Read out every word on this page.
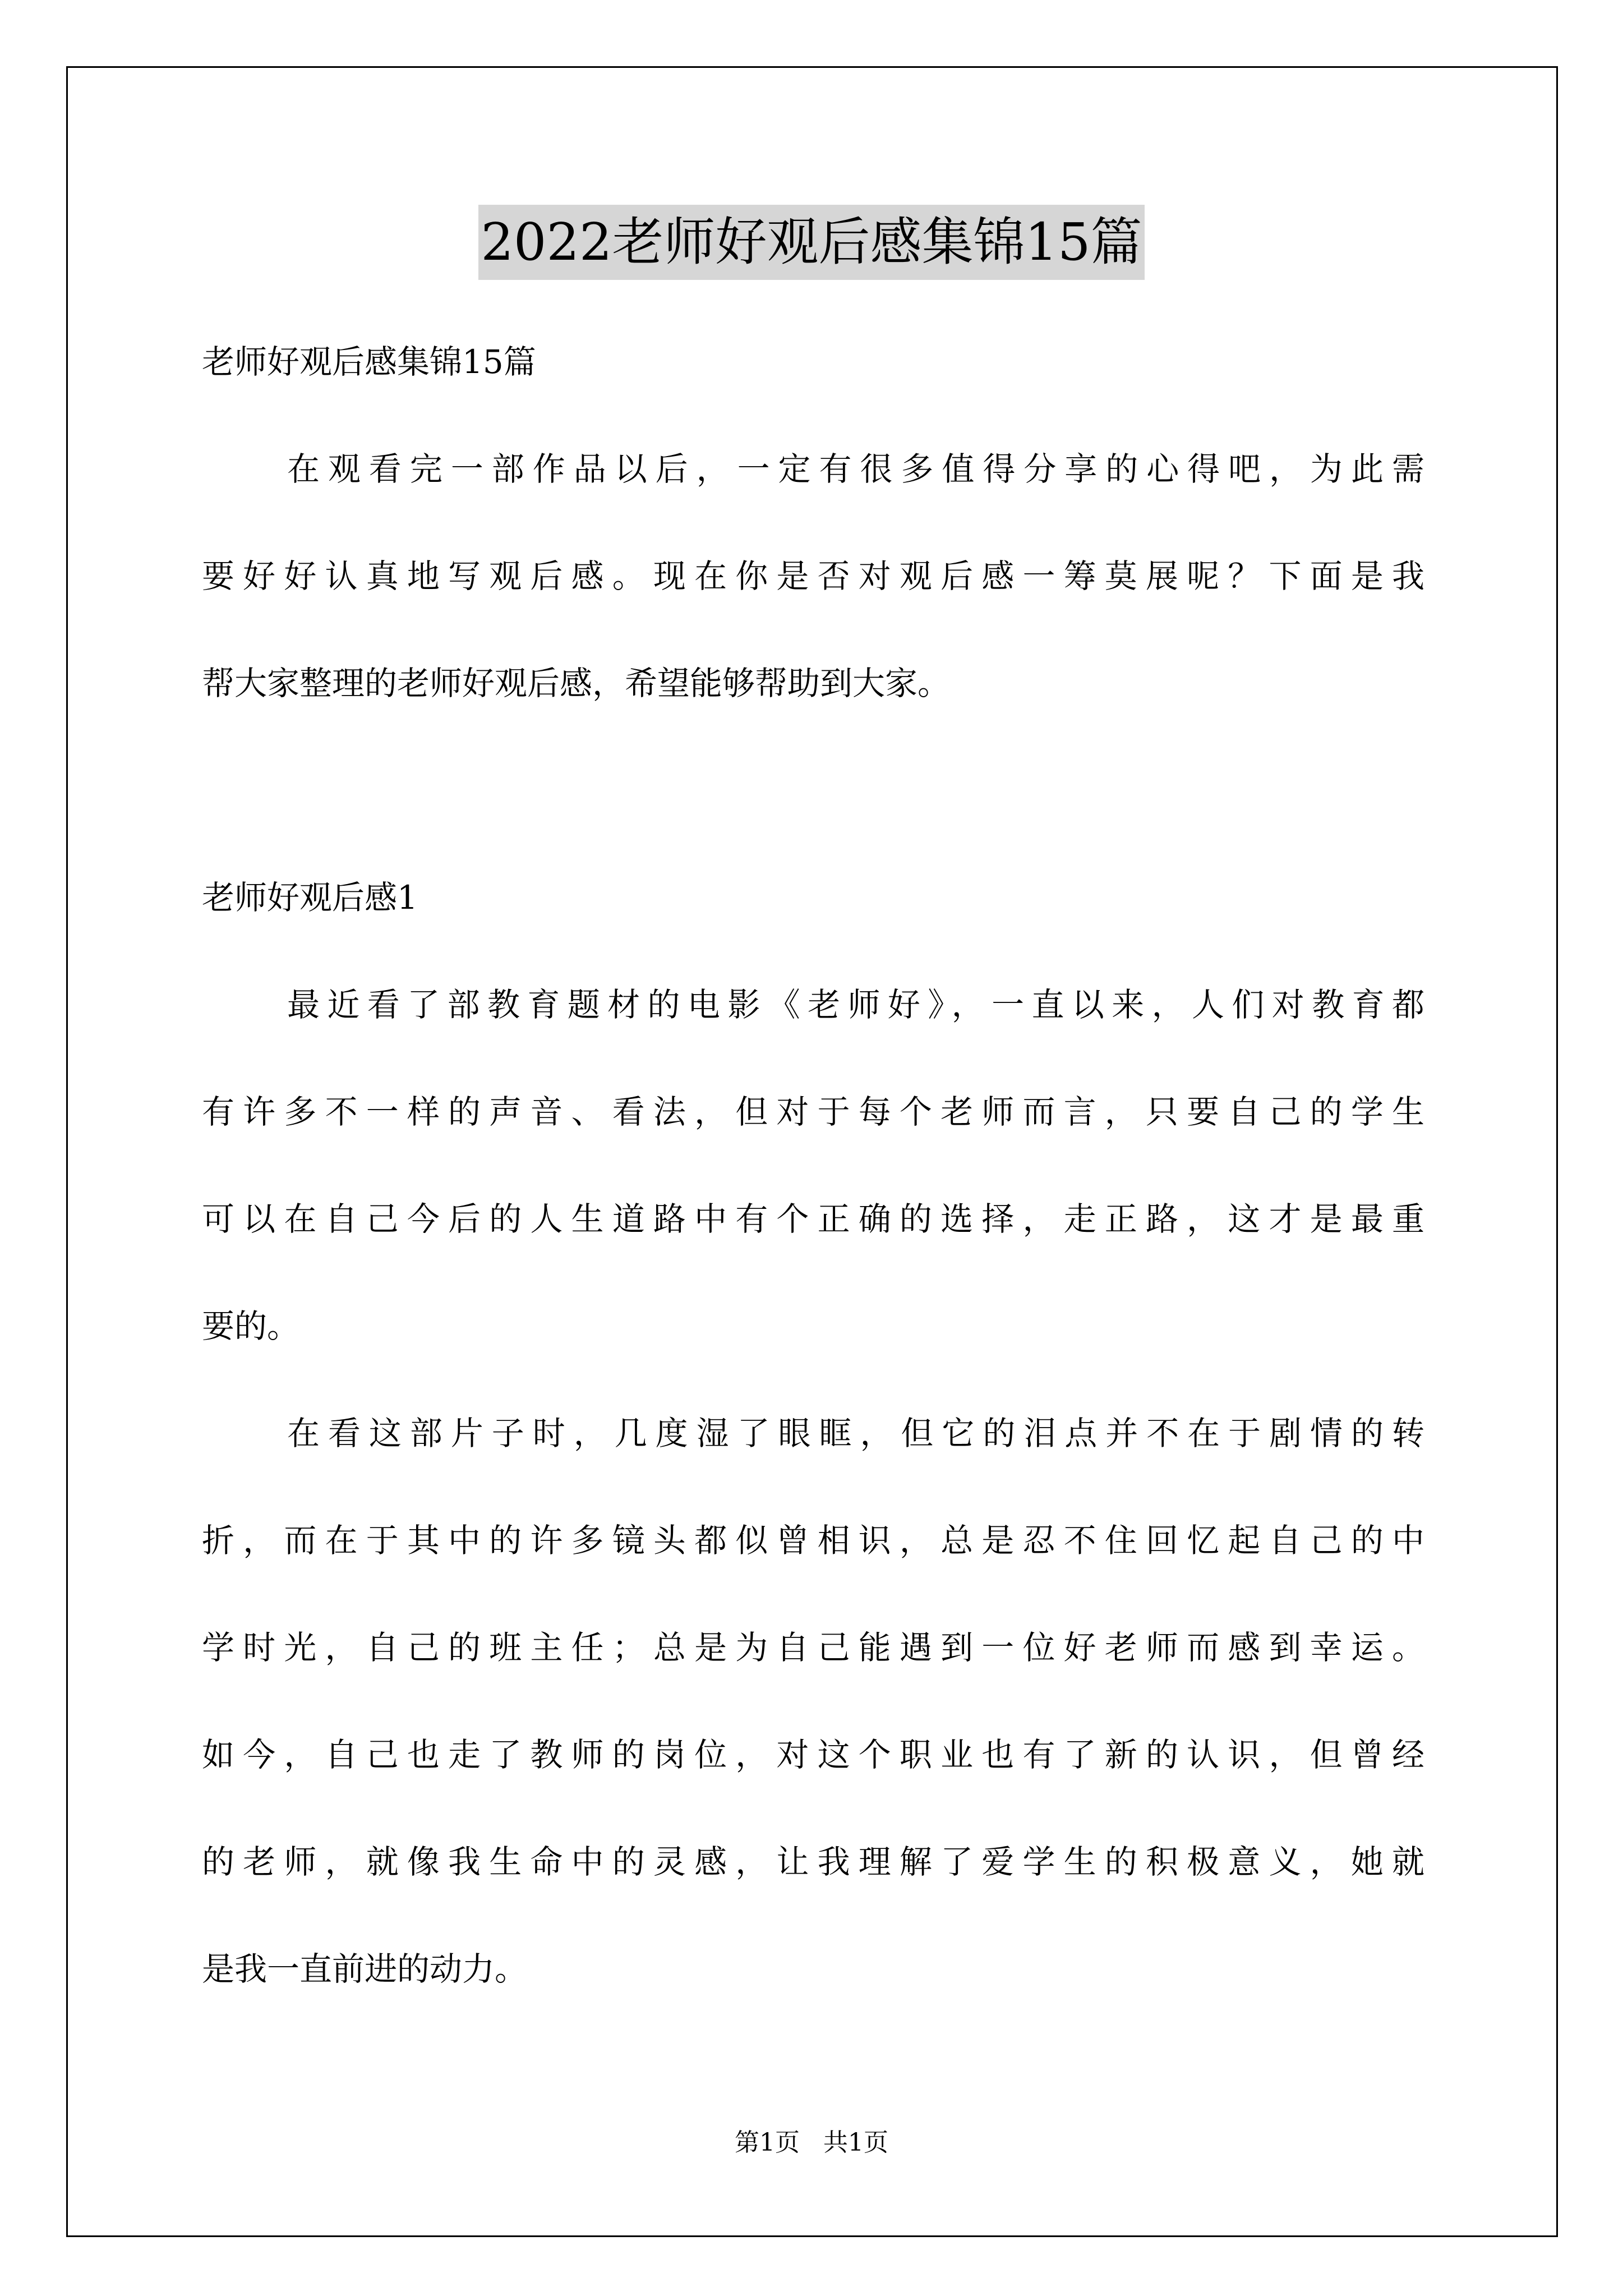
2022老师好观后感集锦15篇
老师好观后感集锦15篇
在观看完一部作品以后，一定有很多值得分享的心得吧，为此需
要好好认真地写观后感。现在你是否对观后感一筹莫展呢？下面是我
帮大家整理的老师好观后感，希望能够帮助到大家。
老师好观后感1
最近看了部教育题材的电影《老师好》，一直以来，人们对教育都
有许多不一样的声音、看法，但对于每个老师而言，只要自己的学生
可以在自己今后的人生道路中有个正确的选择，走正路，这才是最重
要的。
在看这部片子时，几度湿了眼眶，但它的泪点并不在于剧情的转
折，而在于其中的许多镜头都似曾相识，总是忍不住回忆起自己的中
学时光，自己的班主任；总是为自己能遇到一位好老师而感到幸运。
如今，自己也走了教师的岗位，对这个职业也有了新的认识，但曾经
的老师，就像我生命中的灵感，让我理解了爱学生的积极意义，她就
是我一直前进的动力。
第1页   共1页
